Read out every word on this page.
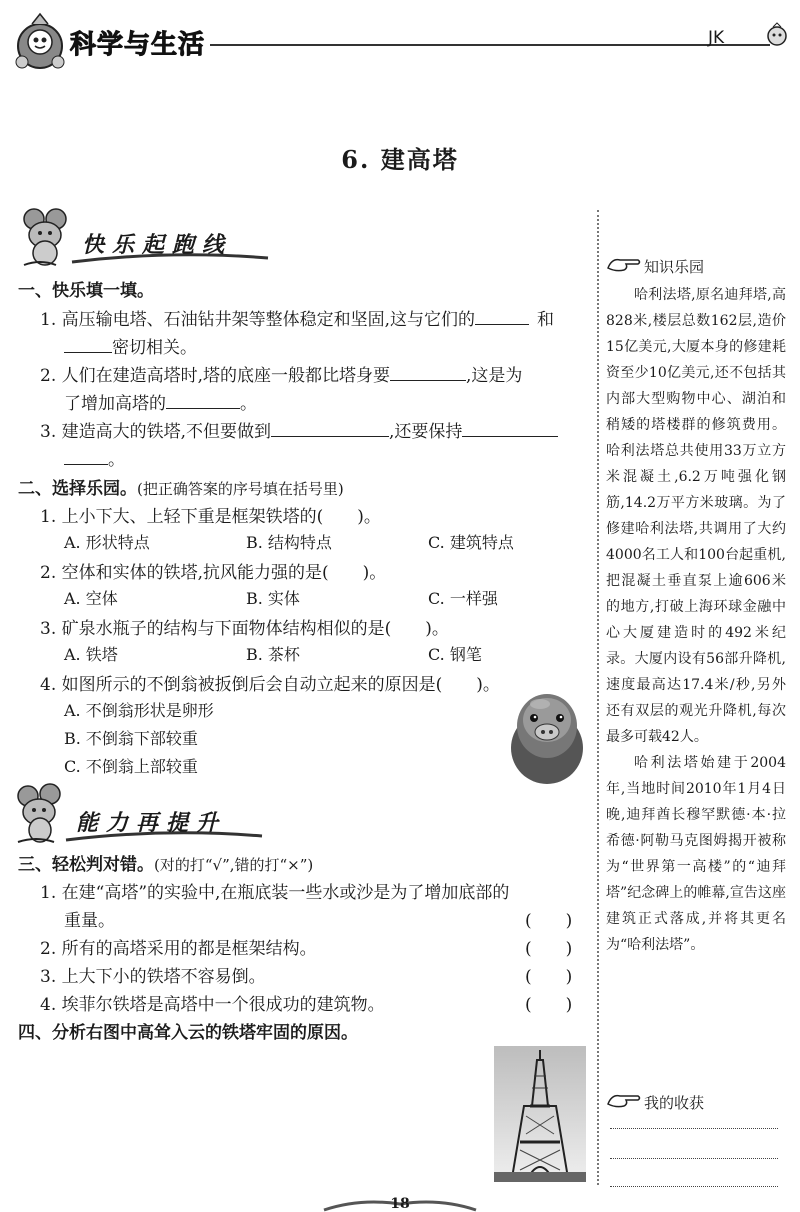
科学与生活	JK
6. 建高塔
快乐起跑线
一、快乐填一填。
1. 高压输电塔、石油钻井架等整体稳定和坚固,这与它们的	和
密切相关。
2. 人们在建造高塔时,塔的底座一般都比塔身要	,这是为
了增加高塔的	。
3. 建造高大的铁塔,不但要做到	,还要保持
。
二、选择乐园。(把正确答案的序号填在括号里)
1. 上小下大、上轻下重是框架铁塔的(　　)。
A. 形状特点	B. 结构特点	C. 建筑特点
2. 空体和实体的铁塔,抗风能力强的是(　　)。
A. 空体	B. 实体	C. 一样强
3. 矿泉水瓶子的结构与下面物体结构相似的是(　　)。
A. 铁塔	B. 茶杯	C. 钢笔
4. 如图所示的不倒翁被扳倒后会自动立起来的原因是(　　)。
A. 不倒翁形状是卵形
B. 不倒翁下部较重
C. 不倒翁上部较重
能力再提升
三、轻松判对错。(对的打“√”,错的打“×”)
1. 在建“高塔”的实验中,在瓶底装一些水或沙是为了增加底部的
重量。	(　　)
2. 所有的高塔采用的都是框架结构。	(　　)
3. 上大下小的铁塔不容易倒。	(　　)
4. 埃菲尔铁塔是高塔中一个很成功的建筑物。	(　　)
四、分析右图中高耸入云的铁塔牢固的原因。
知识乐园

哈利法塔,原名迪拜塔,高828米,楼层总数162层,造价15亿美元,大厦本身的修建耗资至少10亿美元,还不包括其内部大型购物中心、湖泊和稍矮的塔楼群的修筑费用。哈利法塔总共使用33万立方米混凝土,6.2万吨强化钢筋,14.2万平方米玻璃。为了修建哈利法塔,共调用了大约4000名工人和100台起重机,把混凝土垂直泵上逾606米的地方,打破上海环球金融中心大厦建造时的492米纪录。大厦内设有56部升降机,速度最高达17.4米/秒,另外还有双层的观光升降机,每次最多可载42人。

哈利法塔始建于2004年,当地时间2010年1月4日晚,迪拜酋长穆罕默德·本·拉希德·阿勒马克图姆揭开被称为“世界第一高楼”的“迪拜塔”纪念碑上的帷幕,宣告这座建筑正式落成,并将其更名为“哈利法塔”。

我的收获
18
